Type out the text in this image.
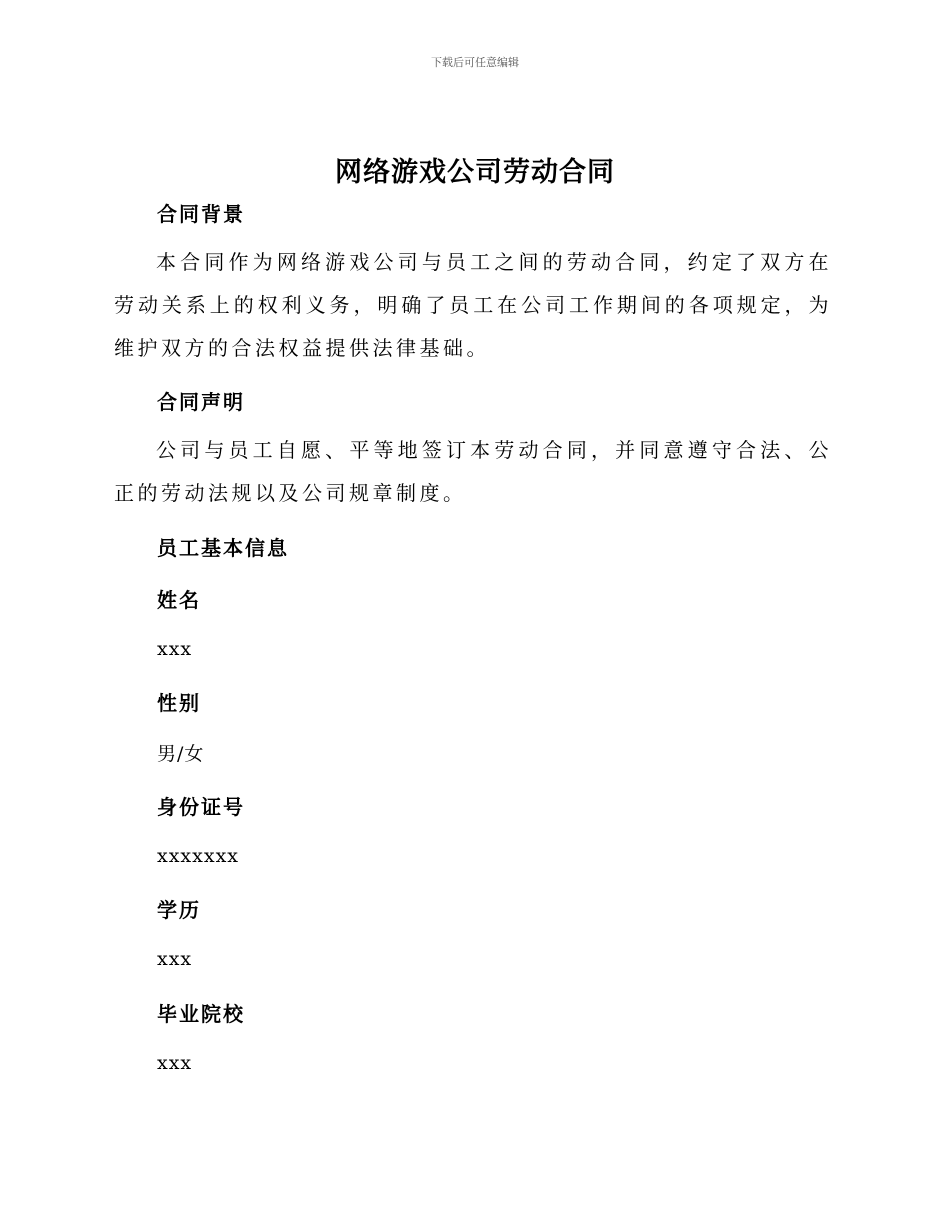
下载后可任意编辑
网络游戏公司劳动合同
合同背景
本合同作为网络游戏公司与员工之间的劳动合同，约定了双方在劳动关系上的权利义务，明确了员工在公司工作期间的各项规定，为维护双方的合法权益提供法律基础。
合同声明
公司与员工自愿、平等地签订本劳动合同，并同意遵守合法、公正的劳动法规以及公司规章制度。
员工基本信息
姓名
xxx
性别
男/女
身份证号
xxxxxxx
学历
xxx
毕业院校
xxx
